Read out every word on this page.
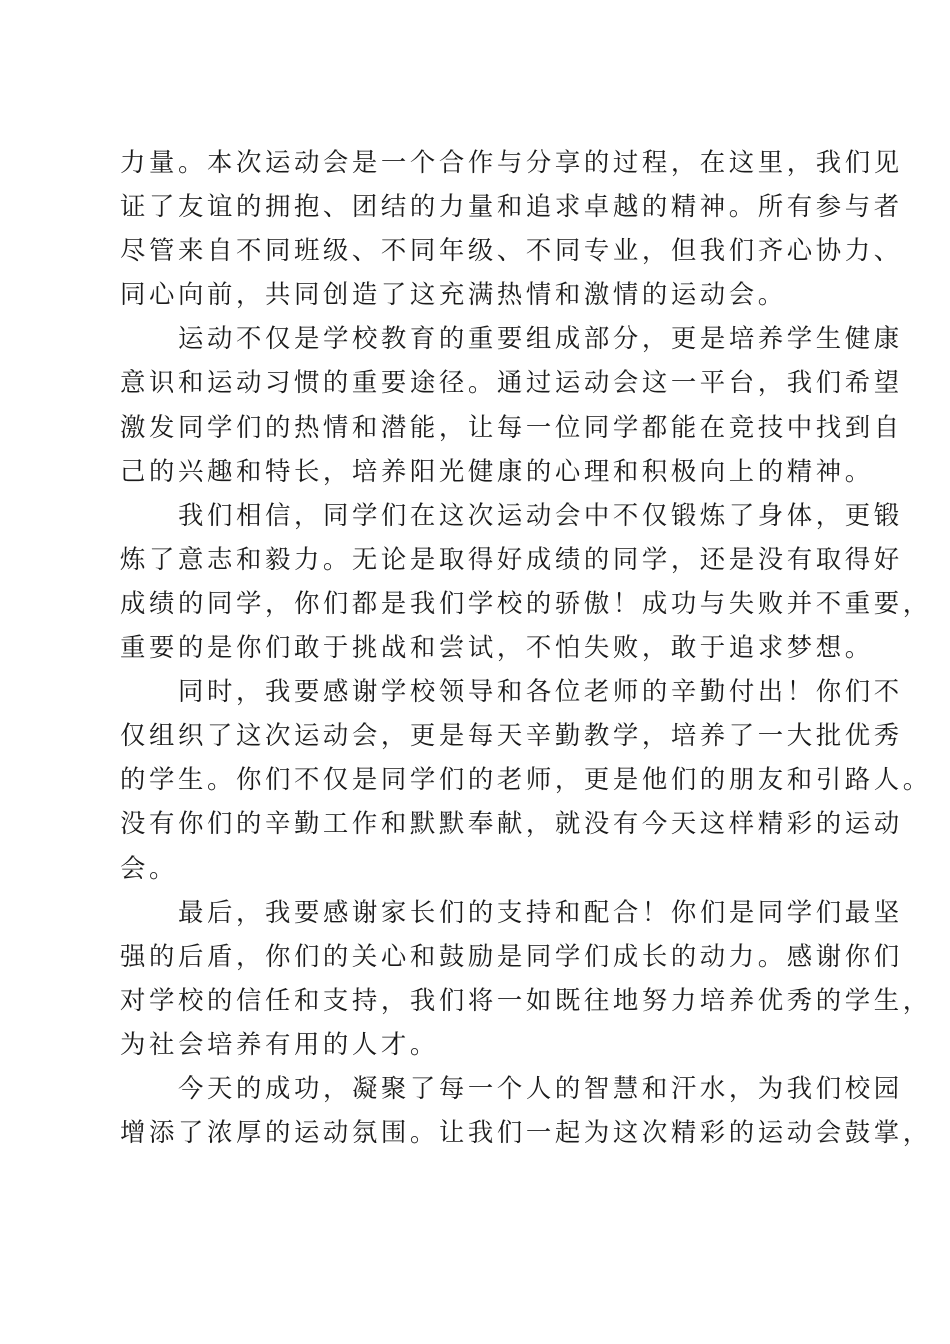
力量。本次运动会是一个合作与分享的过程，在这里，我们见
证了友谊的拥抱、团结的力量和追求卓越的精神。所有参与者
尽管来自不同班级、不同年级、不同专业，但我们齐心协力、
同心向前，共同创造了这充满热情和激情的运动会。
运动不仅是学校教育的重要组成部分，更是培养学生健康
意识和运动习惯的重要途径。通过运动会这一平台，我们希望
激发同学们的热情和潜能，让每一位同学都能在竞技中找到自
己的兴趣和特长，培养阳光健康的心理和积极向上的精神。
我们相信，同学们在这次运动会中不仅锻炼了身体，更锻
炼了意志和毅力。无论是取得好成绩的同学，还是没有取得好
成绩的同学，你们都是我们学校的骄傲！成功与失败并不重要，
重要的是你们敢于挑战和尝试，不怕失败，敢于追求梦想。
同时，我要感谢学校领导和各位老师的辛勤付出！你们不
仅组织了这次运动会，更是每天辛勤教学，培养了一大批优秀
的学生。你们不仅是同学们的老师，更是他们的朋友和引路人。
没有你们的辛勤工作和默默奉献，就没有今天这样精彩的运动
会。
最后，我要感谢家长们的支持和配合！你们是同学们最坚
强的后盾，你们的关心和鼓励是同学们成长的动力。感谢你们
对学校的信任和支持，我们将一如既往地努力培养优秀的学生，
为社会培养有用的人才。
今天的成功，凝聚了每一个人的智慧和汗水，为我们校园
增添了浓厚的运动氛围。让我们一起为这次精彩的运动会鼓掌，
